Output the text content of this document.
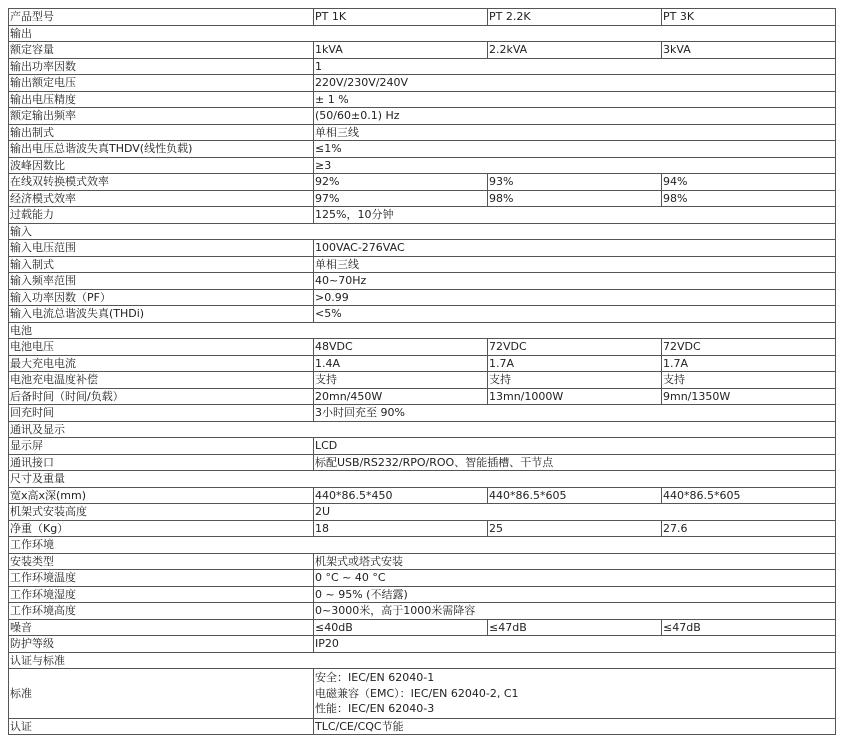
产品型号	PT 1K	PT 2.2K	PT 3K
输出			
额定容量	1kVA	2.2kVA	3kVA
输出功率因数	1		
输出额定电压	220V/230V/240V		
输出电压精度	± 1 %		
额定输出频率	(50/60±0.1) Hz		
输出制式	单相三线		
输出电压总谐波失真THDV(线性负载)	≤1%		
波峰因数比	≥3		
在线双转换模式效率	92%	93%	94%
经济模式效率	97%	98%	98%
过载能力	125%，10分钟		
输入			
输入电压范围	100VAC-276VAC		
输入制式	单相三线		
输入频率范围	40~70Hz		
输入功率因数（PF）	>0.99		
输入电流总谐波失真(THDi)	<5%		
电池			
电池电压	48VDC	72VDC	72VDC
最大充电电流	1.4A	1.7A	1.7A
电池充电温度补偿	支持	支持	支持
后备时间（时间/负载）	20mn/450W	13mn/1000W	9mn/1350W
回充时间	3小时回充至 90%		
通讯及显示			
显示屏	LCD		
通讯接口	标配USB/RS232/RPO/ROO、智能插槽、干节点		
尺寸及重量			
宽x高x深(mm)	440*86.5*450	440*86.5*605	440*86.5*605
机架式安装高度	2U		
净重（Kg）	18	25	27.6
工作环境			
安装类型	机架式或塔式安装		
工作环境温度	0 °C ~ 40 °C		
工作环境湿度	0 ~ 95% (不结露)		
工作环境高度	0~3000米，高于1000米需降容		
噪音	≤40dB	≤47dB	≤47dB
防护等级	IP20		
认证与标准			
标准	安全：IEC/EN 62040-1
电磁兼容（EMC）：IEC/EN 62040-2, C1
性能：IEC/EN 62040-3		

认证	TLC/CE/CQC节能		
